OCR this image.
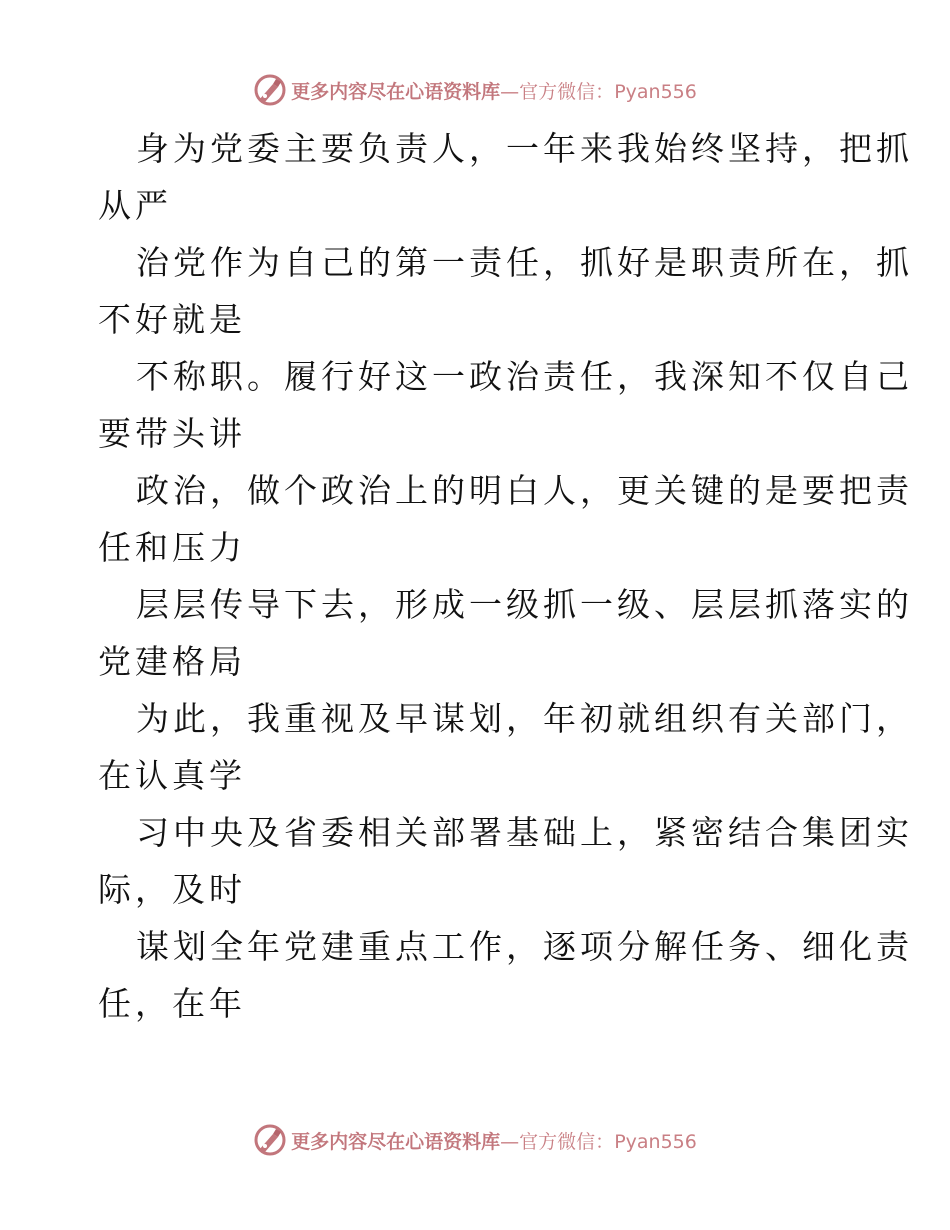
更多内容尽在心语资料库—官方微信：Pyan556
身为党委主要负责人，一年来我始终坚持，把抓
从严
治党作为自己的第一责任，抓好是职责所在，抓
不好就是
不称职。履行好这一政治责任，我深知不仅自己
要带头讲
政治，做个政治上的明白人，更关键的是要把责
任和压力
层层传导下去，形成一级抓一级、层层抓落实的
党建格局
为此，我重视及早谋划，年初就组织有关部门，
在认真学
习中央及省委相关部署基础上，紧密结合集团实
际，及时
谋划全年党建重点工作，逐项分解任务、细化责
任，在年
更多内容尽在心语资料库—官方微信：Pyan556
